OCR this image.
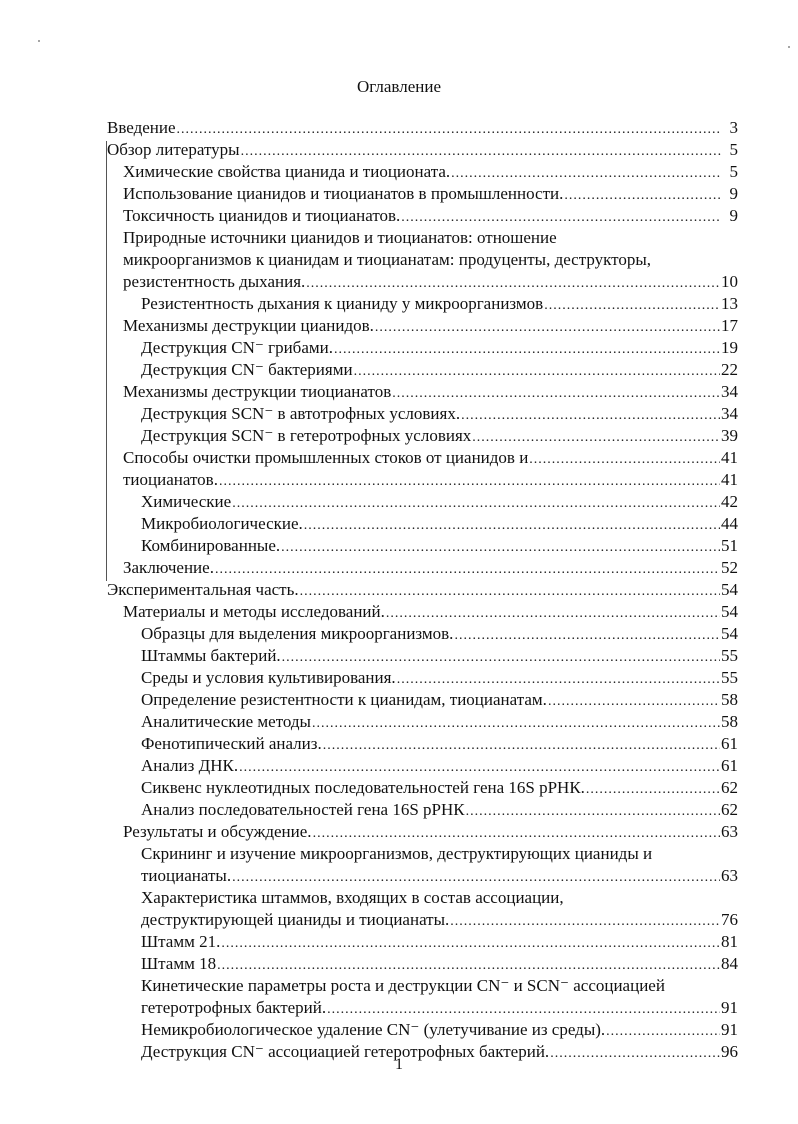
Оглавление
Введение .....	3
Обзор литературы .....	5
Химические свойства цианида и тиоционата. .....	5
Использование цианидов и тиоцианатов в промышленности. .....	9
Токсичность цианидов и тиоцианатов. .....	9
Природные источники цианидов и тиоцианатов: отношение
микроорганизмов к цианидам и тиоцианатам: продуценты, деструкторы,
резистентность дыхания. .....	10
Резистентность дыхания к цианиду у микроорганизмов .....	13
Механизмы деструкции цианидов. .....	17
Деструкция CN⁻ грибами. .....	19
Деструкция CN⁻ бактериями .....	22
Механизмы деструкции тиоцианатов .....	34
Деструкция SCN⁻ в автотрофных условиях. .....	34
Деструкция SCN⁻ в гетеротрофных условиях .....	39
Способы очистки промышленных стоков от цианидов и .....	41
тиоцианатов. .....	41
Химические .....	42
Микробиологические. .....	44
Комбинированные. .....	51
Заключение. .....	52
Экспериментальная часть. .....	54
Материалы и методы исследований. .....	54
Образцы для выделения микроорганизмов. .....	54
Штаммы бактерий. .....	55
Среды и условия культивирования. .....	55
Определение резистентности к цианидам, тиоцианатам. .....	58
Аналитические методы .....	58
Фенотипический анализ. .....	61
Анализ ДНК. .....	61
Сиквенс нуклеотидных последовательностей гена 16S рРНК. .....	62
Анализ последовательностей гена 16S рРНК .....	62
Результаты и обсуждение. .....	63
Скрининг и изучение микроорганизмов, деструктирующих цианиды и
тиоцианаты. .....	63
Характеристика штаммов, входящих в состав ассоциации,
деструктирующей цианиды и тиоцианаты. .....	76
Штамм 21. .....	81
Штамм 18 .....	84
Кинетические параметры роста и деструкции CN⁻ и SCN⁻ ассоциацией
гетеротрофных бактерий. .....	91
Немикробиологическое удаление CN⁻ (улетучивание из среды). .....	91
Деструкция CN⁻ ассоциацией гетеротрофных бактерий. .....	96
1
